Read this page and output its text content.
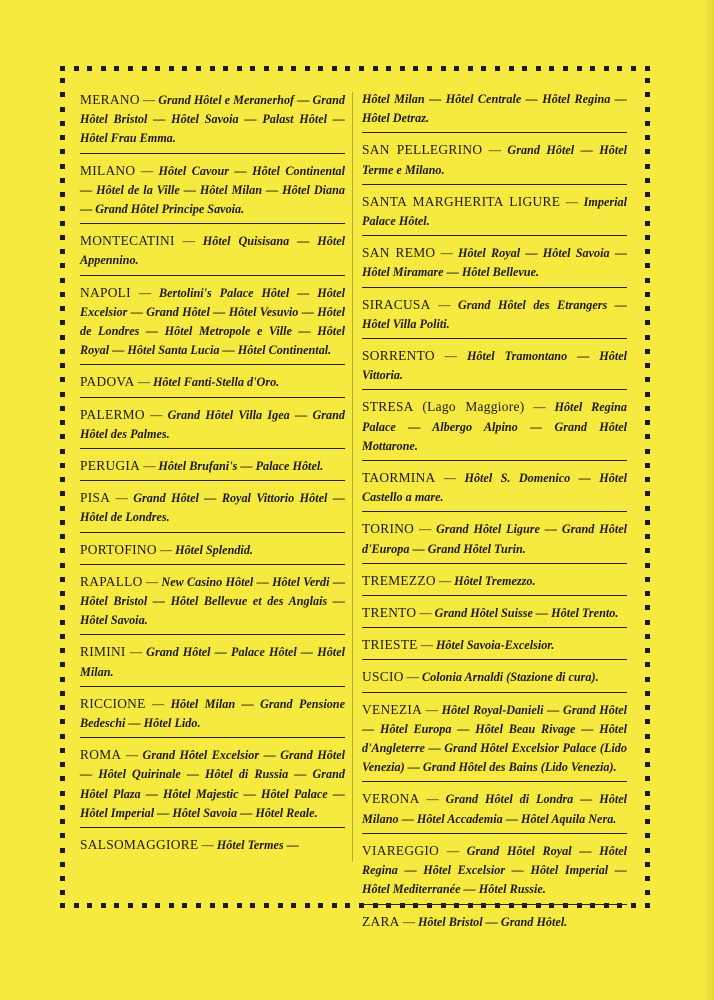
MERANO — Grand Hôtel e Meranerhof — Grand Hôtel Bristol — Hôtel Savoia — Palast Hôtel — Hôtel Frau Emma.
MILANO — Hôtel Cavour — Hôtel Continental — Hôtel de la Ville — Hôtel Milan — Hôtel Diana — Grand Hôtel Principe Savoia.
MONTECATINI — Hôtel Quisisana — Hôtel Appennino.
NAPOLI — Bertolini's Palace Hôtel — Hôtel Excelsior — Grand Hôtel — Hôtel Vesuvio — Hôtel de Londres — Hôtel Metropole e Ville — Hôtel Royal — Hôtel Santa Lucia — Hôtel Continental.
PADOVA — Hôtel Fanti-Stella d'Oro.
PALERMO — Grand Hôtel Villa Igea — Grand Hôtel des Palmes.
PERUGIA — Hôtel Brufani's — Palace Hôtel.
PISA — Grand Hôtel — Royal Vittorio Hôtel — Hôtel de Londres.
PORTOFINO — Hôtel Splendid.
RAPALLO — New Casino Hôtel — Hôtel Verdi — Hôtel Bristol — Hôtel Bellevue et des Anglais — Hôtel Savoia.
RIMINI — Grand Hôtel — Palace Hôtel — Hôtel Milan.
RICCIONE — Hôtel Milan — Grand Pensione Bedeschi — Hôtel Lido.
ROMA — Grand Hôtel Excelsior — Grand Hôtel — Hôtel Quirinale — Hôtel di Russia — Grand Hôtel Plaza — Hôtel Majestic — Hôtel Palace — Hôtel Imperial — Hôtel Savoia — Hôtel Reale.
SALSOMAGGIORE — Hôtel Termes —
Hôtel Milan — Hôtel Centrale — Hôtel Regina — Hôtel Detraz.
SAN PELLEGRINO — Grand Hôtel — Hôtel Terme e Milano.
SANTA MARGHERITA LIGURE — Imperial Palace Hôtel.
SAN REMO — Hôtel Royal — Hôtel Savoia — Hôtel Miramare — Hôtel Bellevue.
SIRACUSA — Grand Hôtel des Etrangers — Hôtel Villa Politi.
SORRENTO — Hôtel Tramontano — Hôtel Vittoria.
STRESA (Lago Maggiore) — Hôtel Regina Palace — Albergo Alpino — Grand Hôtel Mottarone.
TAORMINA — Hôtel S. Domenico — Hôtel Castello a mare.
TORINO — Grand Hôtel Ligure — Grand Hôtel d'Europa — Grand Hôtel Turin.
TREMEZZO — Hôtel Tremezzo.
TRENTO — Grand Hôtel Suisse — Hôtel Trento.
TRIESTE — Hôtel Savoia-Excelsior.
USCIO — Colonia Arnaldi (Stazione di cura).
VENEZIA — Hôtel Royal-Danieli — Grand Hôtel — Hôtel Europa — Hôtel Beau Rivage — Hôtel d'Angleterre — Grand Hôtel Excelsior Palace (Lido Venezia) — Grand Hôtel des Bains (Lido Venezia).
VERONA — Grand Hôtel di Londra — Hôtel Milano — Hôtel Accademia — Hôtel Aquila Nera.
VIAREGGIO — Grand Hôtel Royal — Hôtel Regina — Hôtel Excelsior — Hôtel Imperial — Hôtel Mediterranée — Hôtel Russie.
ZARA — Hôtel Bristol — Grand Hôtel.
